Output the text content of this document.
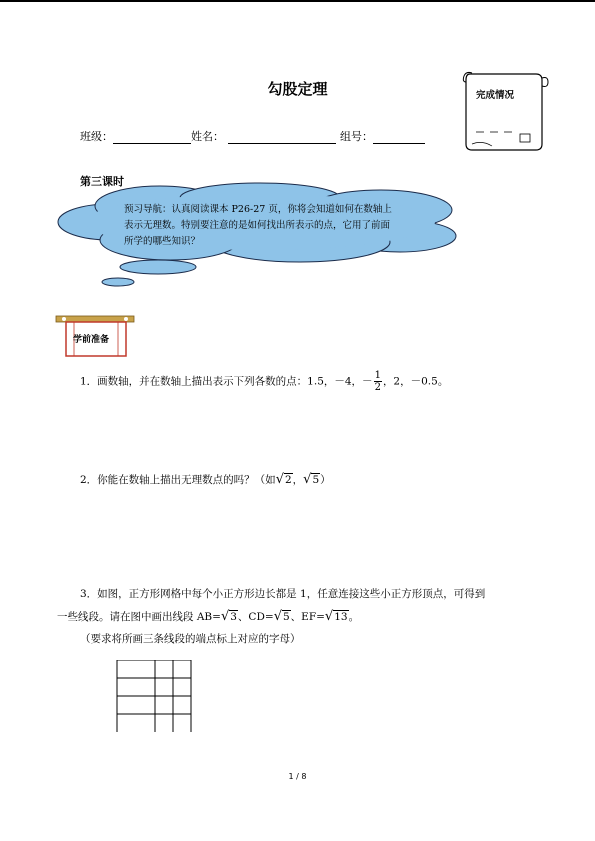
勾股定理	完成情况
班级：	姓名：	组号：
第三课时
预习导航：认真阅读课本 P26-27 页，你将会知道如何在数轴上
表示无理数。特别要注意的是如何找出所表示的点，它用了前面
所学的哪些知识？
学前准备
1．画数轴，并在数轴上描出表示下列各数的点：1.5，－4，－ $\frac{1}{2}$ ，2，－0.5。
2．你能在数轴上描出无理数点的吗？（如√2，√5）
3．如图，正方形网格中每个小正方形边长都是 1，任意连接这些小正方形顶点，可得到
一些线段。请在图中画出线段 AB=√3、CD=√5、EF=√13。
（要求将所画三条线段的端点标上对应的字母）
1 / 8
